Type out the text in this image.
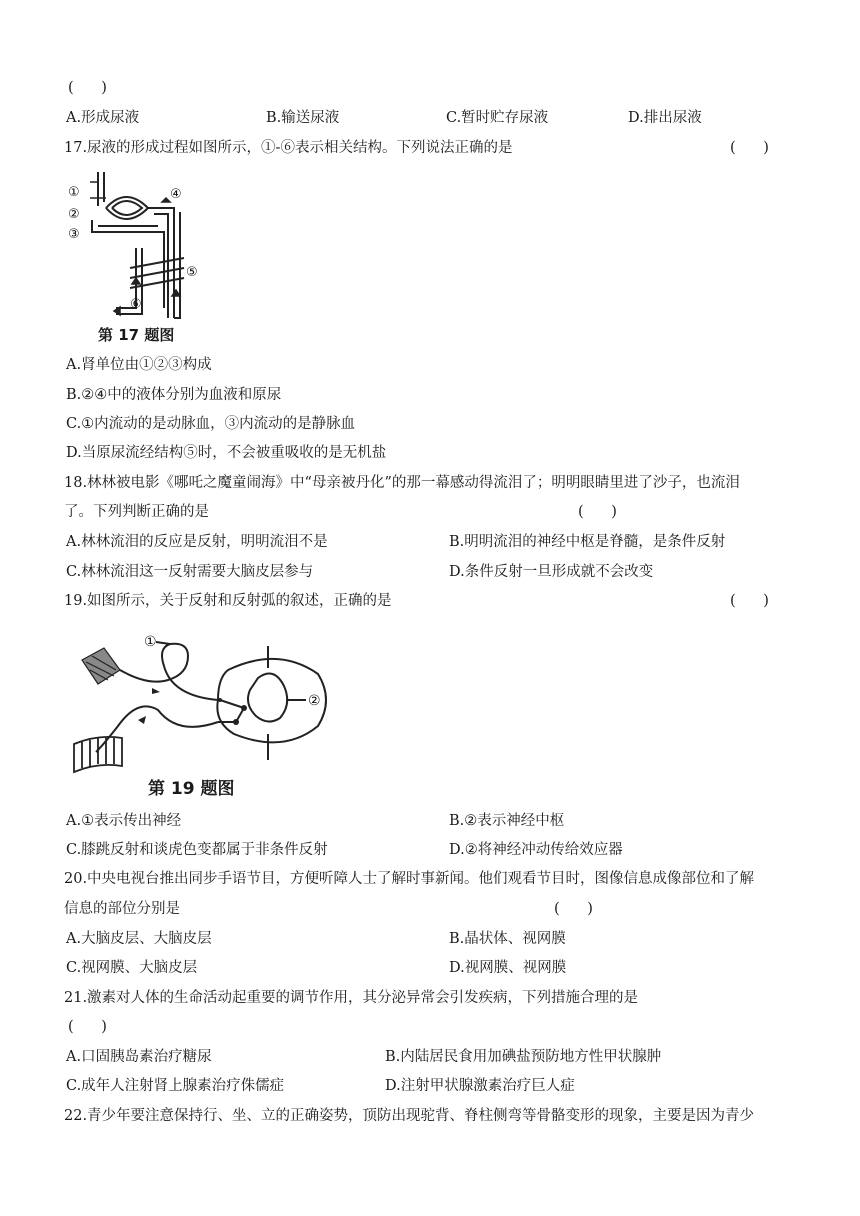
(      )
A.形成尿液	B.输送尿液	C.暂时贮存尿液	D.排出尿液
17.尿液的形成过程如图所示，①-⑥表示相关结构。下列说法正确的是	(      )
①
②
③
④
⑤
⑥
第 17 题图
A.肾单位由①②③构成
B.②④中的液体分别为血液和原尿
C.①内流动的是动脉血，③内流动的是静脉血
D.当原尿流经结构⑤时，不会被重吸收的是无机盐
18.林林被电影《哪吒之魔童闹海》中“母亲被丹化”的那一幕感动得流泪了；明明眼睛里进了沙子，也流泪
了。下列判断正确的是	(      )
A.林林流泪的反应是反射，明明流泪不是	B.明明流泪的神经中枢是脊髓，是条件反射
C.林林流泪这一反射需要大脑皮层参与	D.条件反射一旦形成就不会改变
19.如图所示，关于反射和反射弧的叙述，正确的是	(      )
①
②
第 19 题图
A.①表示传出神经	B.②表示神经中枢
C.膝跳反射和谈虎色变都属于非条件反射	D.②将神经冲动传给效应器
20.中央电视台推出同步手语节目，方便听障人士了解时事新闻。他们观看节目时，图像信息成像部位和了解
信息的部位分别是	(      )
A.大脑皮层、大脑皮层	B.晶状体、视网膜
C.视网膜、大脑皮层	D.视网膜、视网膜
21.激素对人体的生命活动起重要的调节作用，其分泌异常会引发疾病，下列措施合理的是
(      )
A.口固胰岛素治疗糖尿	B.内陆居民食用加碘盐预防地方性甲状腺肿
C.成年人注射肾上腺素治疗侏儒症	D.注射甲状腺激素治疗巨人症
22.青少年要注意保持行、坐、立的正确姿势，顶防出现驼背、脊柱侧弯等骨骼变形的现象，主要是因为青少
